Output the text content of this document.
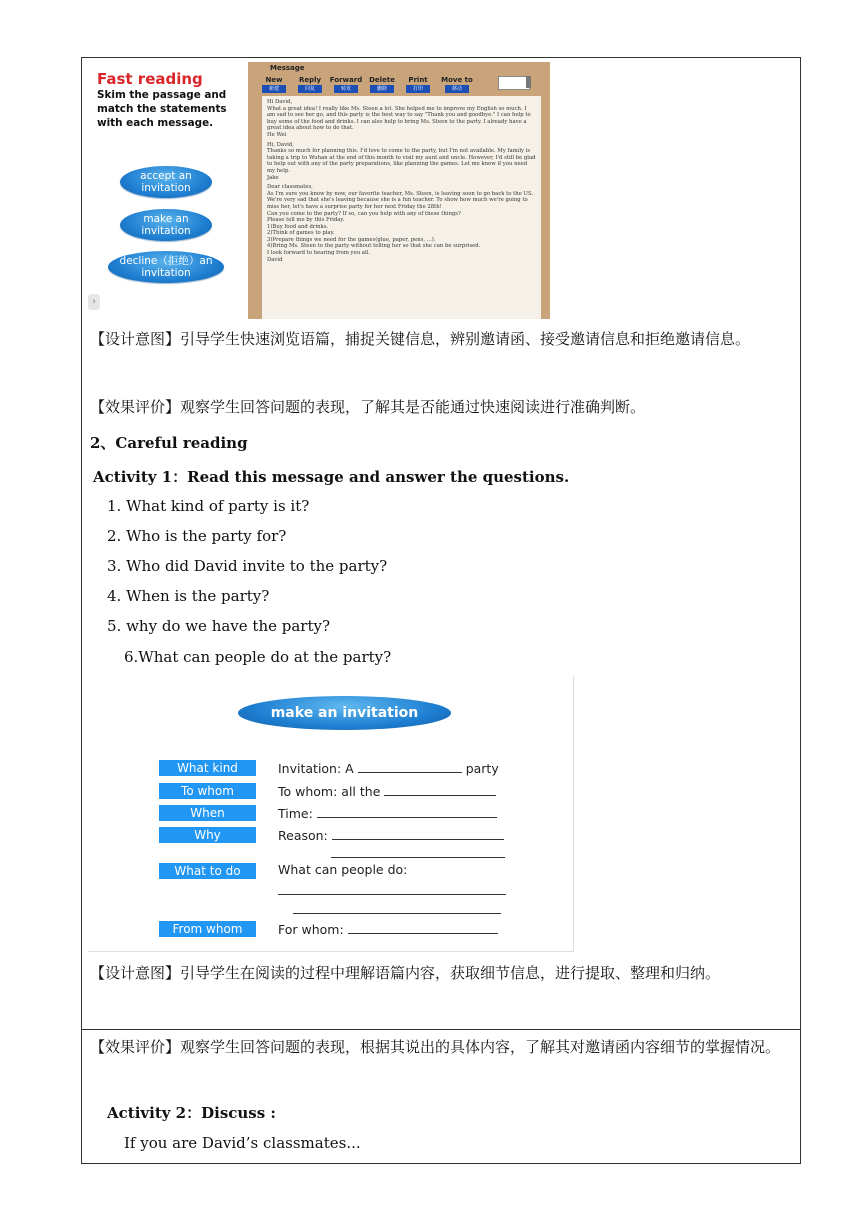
Fast reading
Skim the passage and match the statements with each message.
accept an invitation
make an invitation
decline（拒绝）an invitation
›
Message
New
新建
Reply
回复
Forward
转发
Delete
删除
Print
打印
Move to
移动

Hi David,
What a great idea! I really like Ms. Steen a lot. She helped me to improve my English so much. I am sad to see her go, and this party is the best way to say "Thank you and goodbye." I can help to buy some of the food and drinks. I can also help to bring Ms. Steen to the party. I already have a great idea about how to do that.
He Wei

Hi, David,
Thanks so much for planning this. I'd love to come to the party, but I'm not available. My family is taking a trip to Wuhan at the end of this month to visit my aunt and uncle. However, I'd still be glad to help out with any of the party preparations, like planning the games. Let me know if you need my help.
Jake

Dear classmates,
As I'm sure you know by now, our favorite teacher, Ms. Steen, is leaving soon to go back to the US. We're very sad that she's leaving because she is a fun teacher. To show how much we're going to miss her, let's have a surprise party for her next Friday the 28th!
Can you come to the party? If so, can you help with any of these things?
Please tell me by this Friday.
1)Buy food and drinks.
2)Think of games to play.
3)Prepare things we need for the games(glue, paper, pens, ...).
4)Bring Ms. Steen to the party without telling her so that she can be surprised.
I look forward to hearing from you all.
David

【设计意图】引导学生快速浏览语篇，捕捉关键信息，辨别邀请函、接受邀请信息和拒绝邀请信息。
【效果评价】观察学生回答问题的表现，了解其是否能通过快速阅读进行准确判断。
2、Careful reading
Activity 1：Read this message and answer the questions.
1. What kind of party is it?
2. Who is the party for?
3. Who did David invite to the party?
4. When is the party?
5. why do we have the party?
6.What can people do at the party?
make an invitation
What kind	Invitation: A	party
To whom	To whom: all the
When	Time:
Why	Reason:
What to do	What can people do:
From whom	For whom:
【设计意图】引导学生在阅读的过程中理解语篇内容，获取细节信息，进行提取、整理和归纳。
【效果评价】观察学生回答问题的表现，根据其说出的具体内容，了解其对邀请函内容细节的掌握情况。
Activity 2：Discuss :
If you are David’s classmates...
